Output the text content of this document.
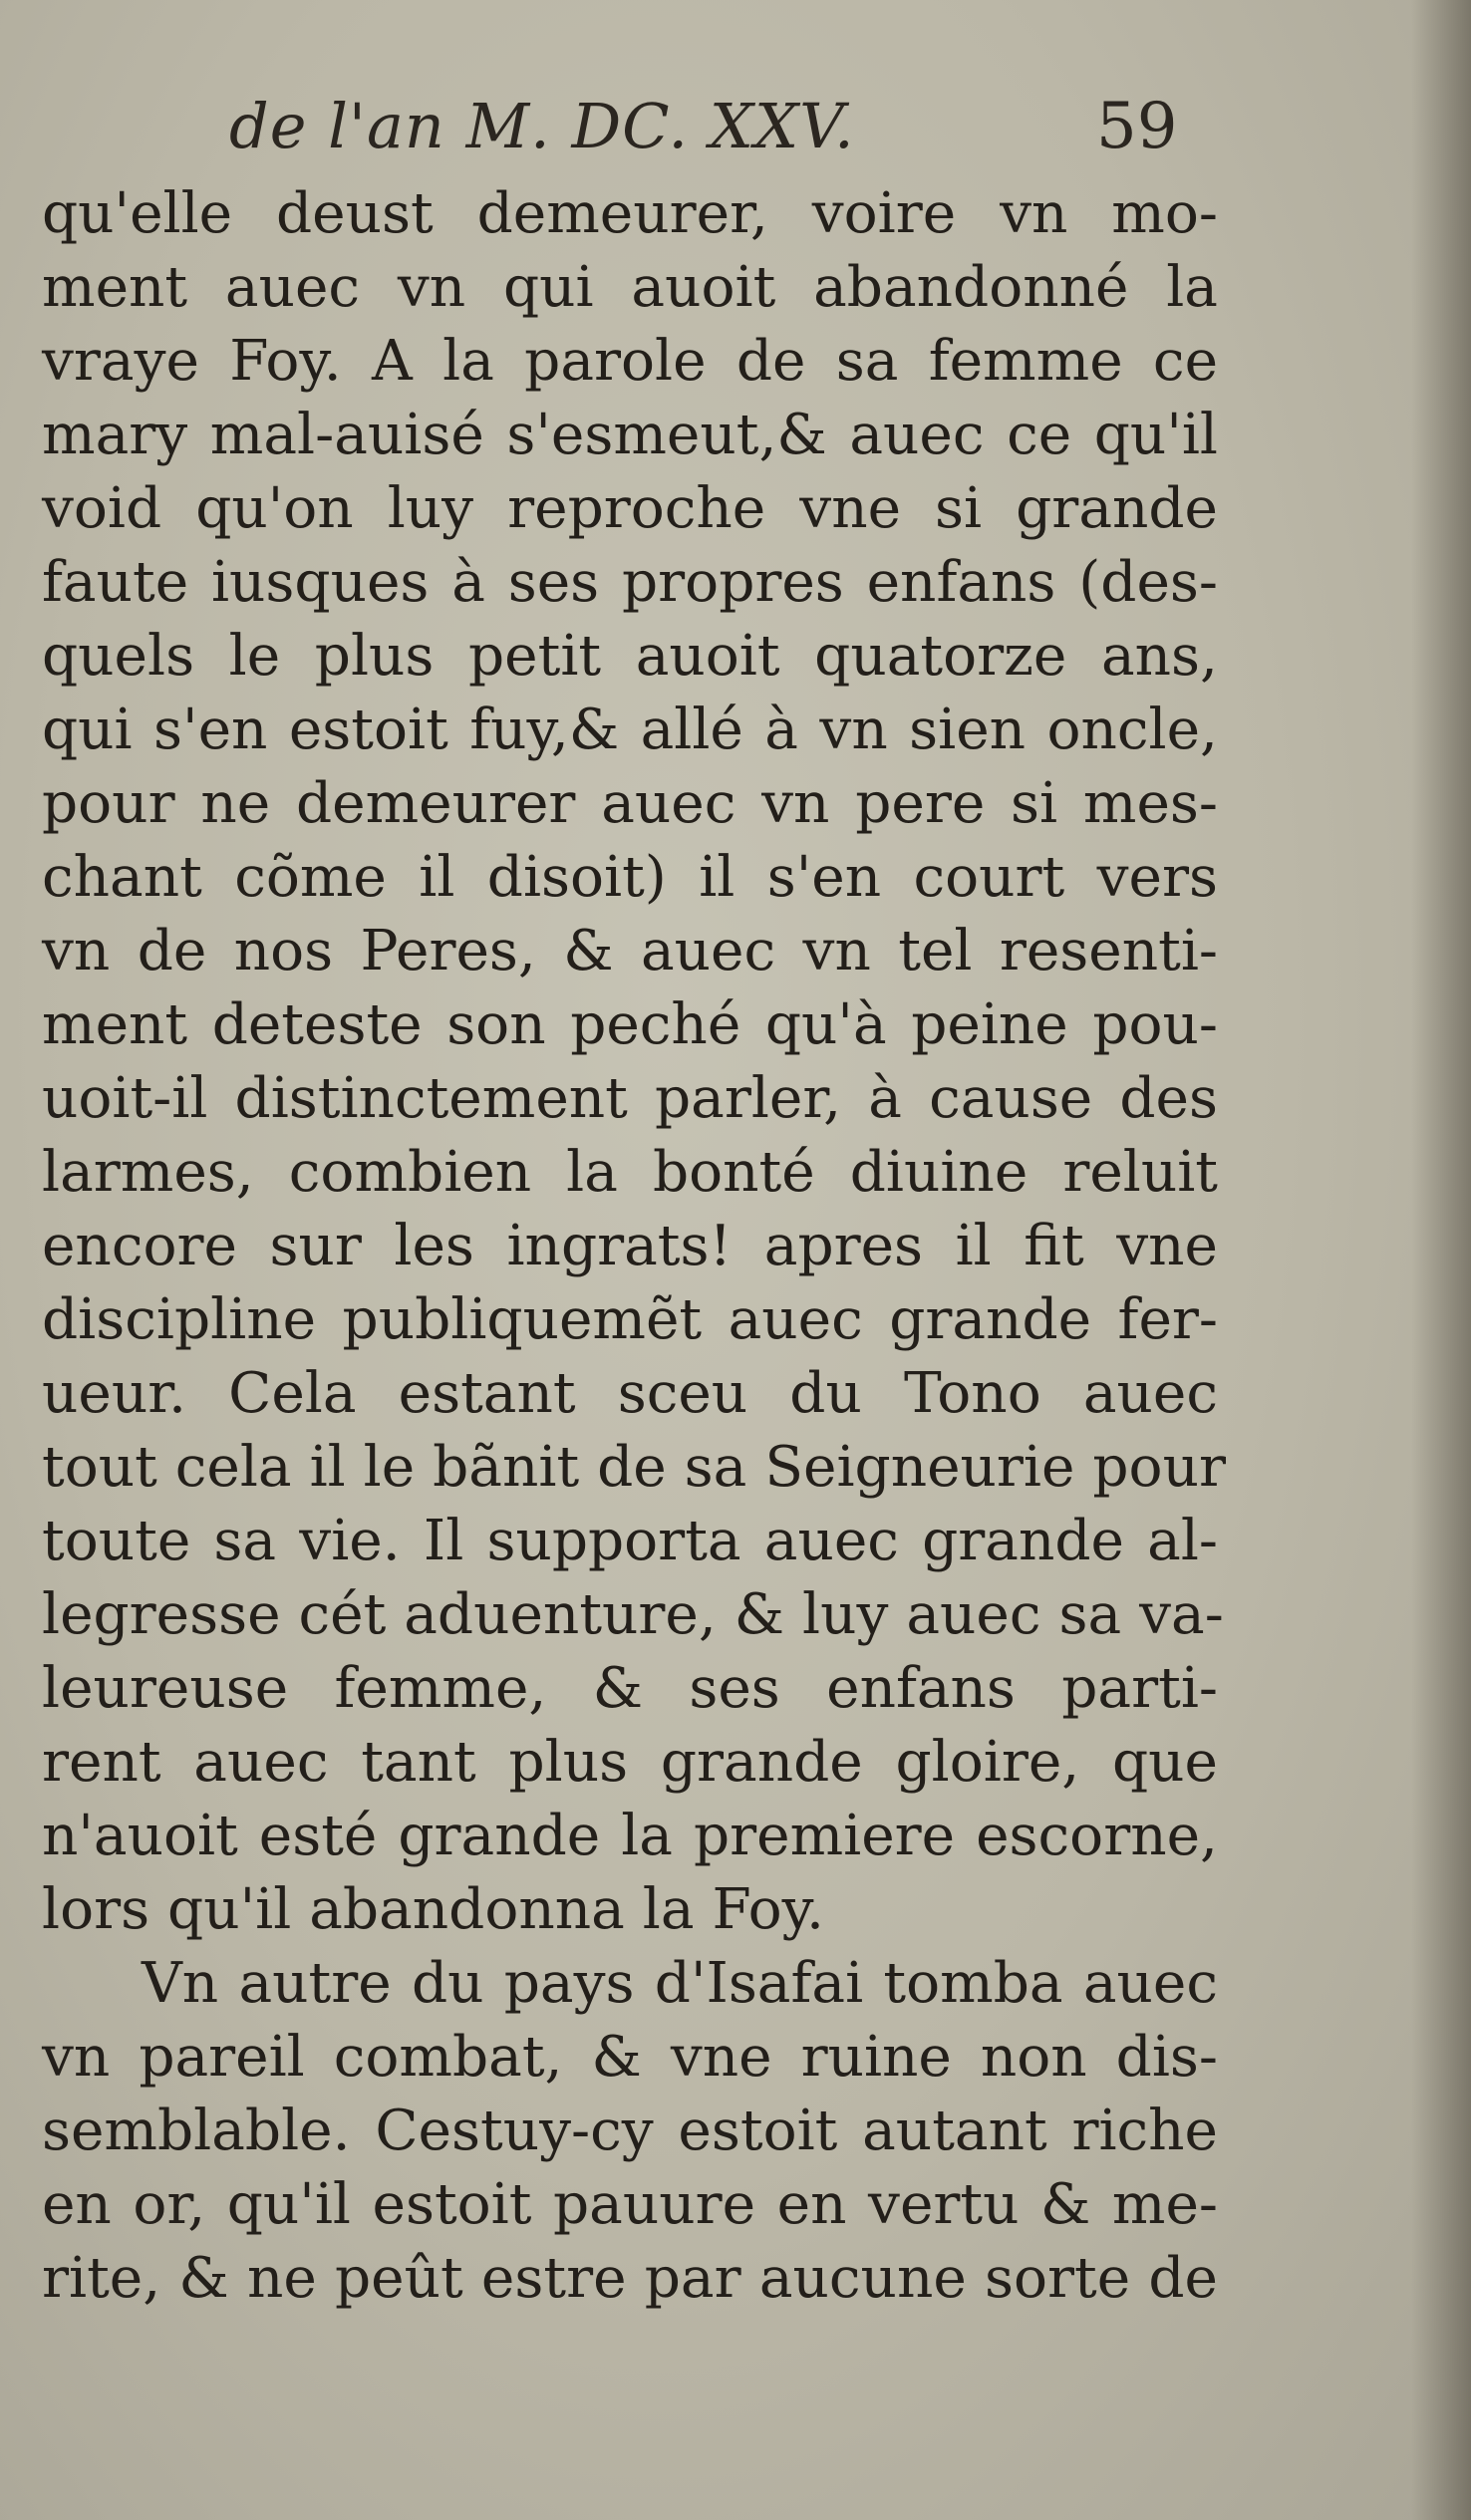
de l'an M. DC. XXV.	59
qu'elle deust demeurer, voire vn mo-
ment auec vn qui auoit abandonné la
vraye Foy. A la parole de sa femme ce
mary mal-auisé s'esmeut,& auec ce qu'il
void qu'on luy reproche vne si grande
faute iusques à ses propres enfans (des-
quels le plus petit auoit quatorze ans,
qui s'en estoit fuy,& allé à vn sien oncle,
pour ne demeurer auec vn pere si mes-
chant cõme il disoit) il s'en court vers
vn de nos Peres, & auec vn tel resenti-
ment deteste son peché qu'à peine pou-
uoit-il distinctement parler, à cause des
larmes, combien la bonté diuine reluit
encore sur les ingrats! apres il fit vne
discipline publiquemẽt auec grande fer-
ueur. Cela estant sceu du Tono auec
tout cela il le bãnit de sa Seigneurie pour
toute sa vie. Il supporta auec grande al-
legresse cét aduenture, & luy auec sa va-
leureuse femme, & ses enfans parti-
rent auec tant plus grande gloire, que
n'auoit esté grande la premiere escorne,
lors qu'il abandonna la Foy.
Vn autre du pays d'Isafai tomba auec
vn pareil combat, & vne ruine non dis-
semblable. Cestuy-cy estoit autant riche
en or, qu'il estoit pauure en vertu & me-
rite, & ne peût estre par aucune sorte de
